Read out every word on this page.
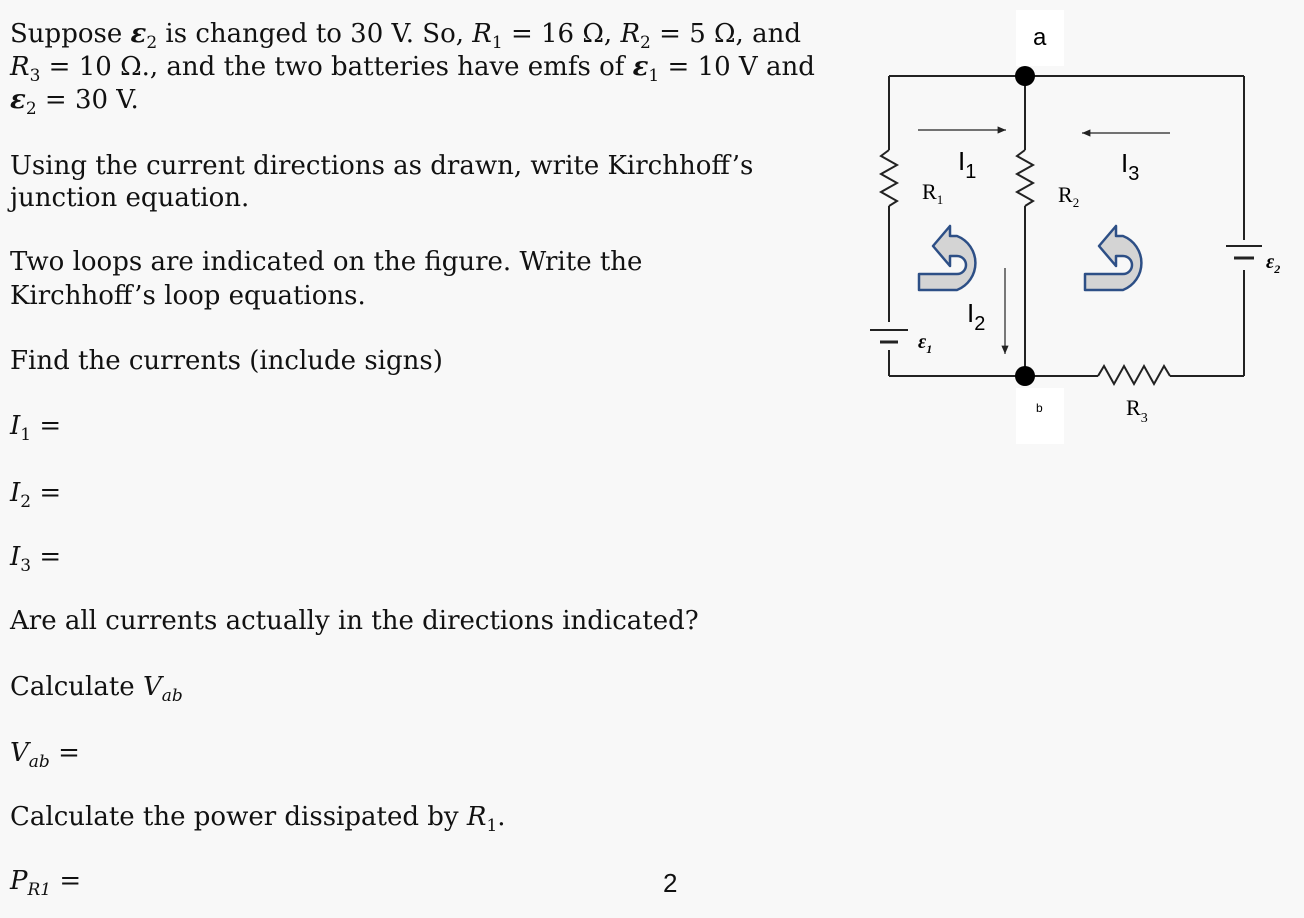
Suppose $\varepsilon_2$ is changed to 30 V. So, $R_1 = 16$ Ω, $R_2 = 5$ Ω, and
$R_3 = 10$ Ω., and the two batteries have emfs of $\varepsilon_1 = 10$ V and
$\varepsilon_2 = 30$ V.
Using the current directions as drawn, write Kirchhoff’s
junction equation.
Two loops are indicated on the figure. Write the
Kirchhoff’s loop equations.
Find the currents (include signs)
$I_1$ =
$I_2$ =
$I_3$ =
Are all currents actually in the directions indicated?
Calculate $V_{ab}$
$V_{ab}$ =
Calculate the power dissipated by $R_1$.
$P_{R1}$ =	2
a
b
$R_1$	$R_2$
$R_3$
$\varepsilon_1$
$\varepsilon_2$
$I_1$	$I_3$
$I_2$
